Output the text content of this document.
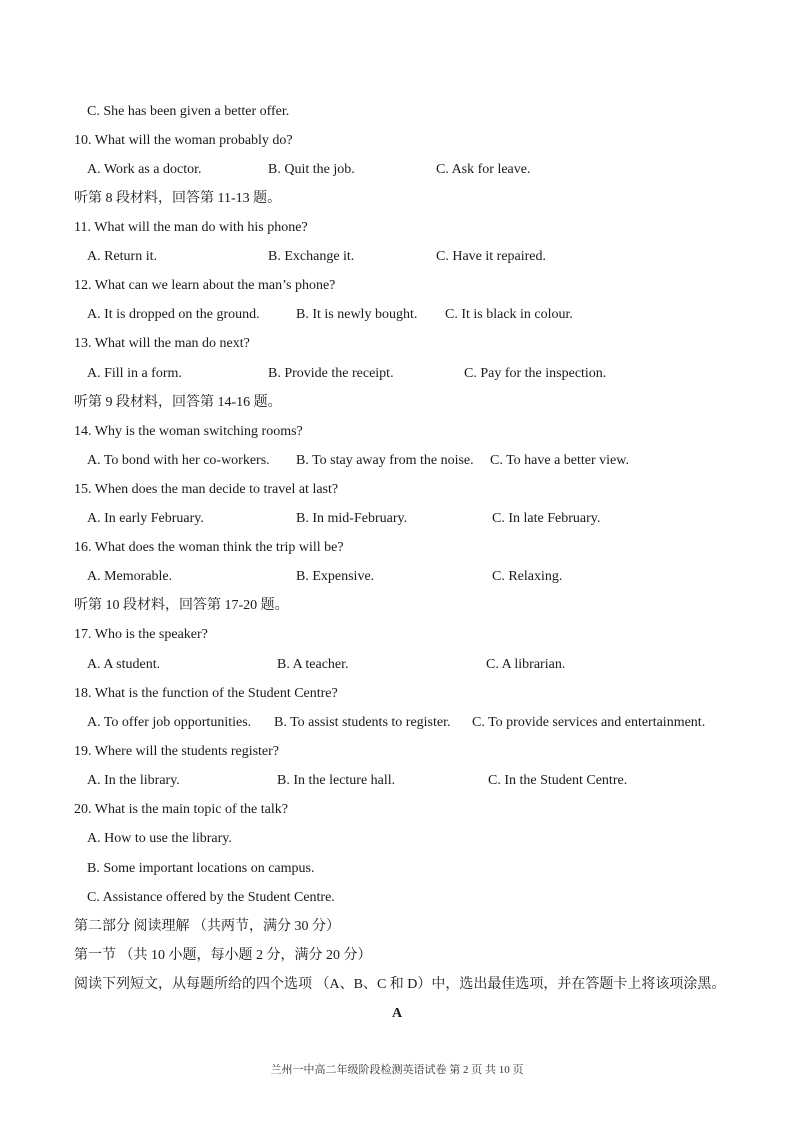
C. She has been given a better offer.
10. What will the woman probably do?
A. Work as a doctor.	B. Quit the job.	C. Ask for leave.
听第 8 段材料，回答第 11-13 题。
11. What will the man do with his phone?
A. Return it.	B. Exchange it.	C. Have it repaired.
12. What can we learn about the man’s phone?
A. It is dropped on the ground.	B. It is newly bought. C. It is black in colour.
13. What will the man do next?
A. Fill in a form.	B. Provide the receipt.	C. Pay for the inspection.
听第 9 段材料，回答第 14-16 题。
14. Why is the woman switching rooms?
A. To bond with her co-workers. B. To stay away from the noise. C. To have a better view.
15. When does the man decide to travel at last?
A. In early February.	B. In mid-February.	C. In late February.
16. What does the woman think the trip will be?
A. Memorable.	B. Expensive.	C. Relaxing.
听第 10 段材料，回答第 17-20 题。
17. Who is the speaker?
A. A student.	B. A teacher.	C. A librarian.
18. What is the function of the Student Centre?
A. To offer job opportunities. B. To assist students to register. C. To provide services and entertainment.
19. Where will the students register?
A. In the library.	B. In the lecture hall.	C. In the Student Centre.
20. What is the main topic of the talk?
A. How to use the library.
B. Some important locations on campus.
C. Assistance offered by the Student Centre.
第二部分 阅读理解 （共两节，满分 30 分）
第一节 （共 10 小题，每小题 2 分，满分 20 分）
阅读下列短文，从每题所给的四个选项 （A、B、C 和 D）中，选出最佳选项，并在答题卡上将该项涂黑。
A
兰州一中高二年级阶段检测英语试卷 第 2 页 共 10 页
